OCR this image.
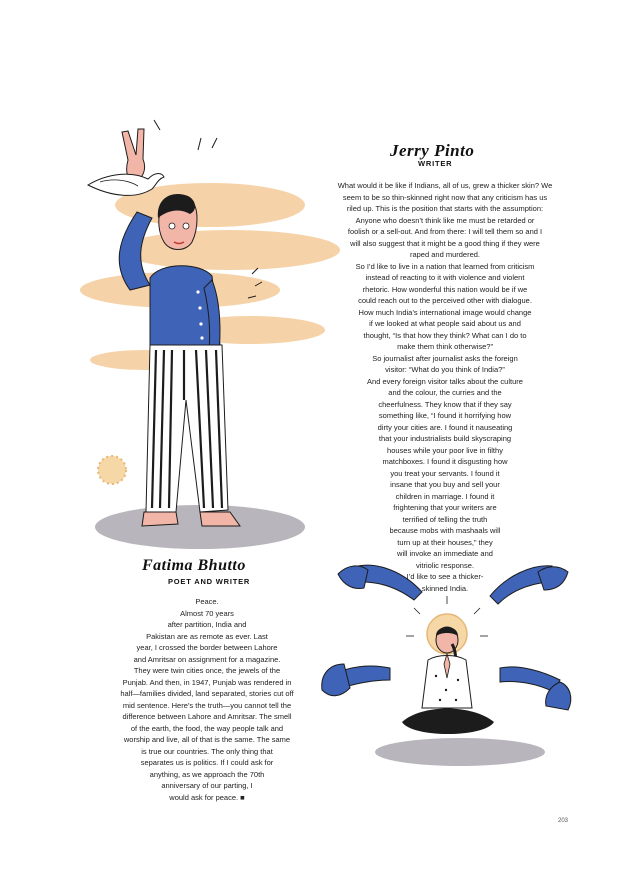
Jerry Pinto
WRITER

What would it be like if Indians, all of us, grew a thicker skin? We

seem to be so thin-skinned right now that any criticism has us

riled up. This is the position that starts with the assumption:

Anyone who doesn’t think like me must be retarded or

foolish or a sell-out. And from there: I will tell them so and I

will also suggest that it might be a good thing if they were

raped and murdered.

So I’d like to live in a nation that learned from criticism

instead of reacting to it with violence and violent

rhetoric. How wonderful this nation would be if we

could reach out to the perceived other with dialogue.

How much India’s international image would change

if we looked at what people said about us and

thought, “Is that how they think? What can I do to

make them think otherwise?”

So journalist after journalist asks the foreign

visitor: “What do you think of India?”

And every foreign visitor talks about the culture

and the colour, the curries and the

cheerfulness. They know that if they say

something like, “I found it horrifying how

dirty your cities are. I found it nauseating

that your industrialists build skyscraping

houses while your poor live in filthy

matchboxes. I found it disgusting how

you treat your servants. I found it

insane that you buy and sell your

children in marriage. I found it

frightening that your writers are

terrified of telling the truth

because mobs with mashaals will

turn up at their houses,” they

will invoke an immediate and

vitriolic response.

I’d like to see a thicker-

skinned India.

Fatima Bhutto
POET AND WRITER

Peace.

Almost 70 years

after partition, India and

Pakistan are as remote as ever. Last

year, I crossed the border between Lahore

and Amritsar on assignment for a magazine.

They were twin cities once, the jewels of the

Punjab. And then, in 1947, Punjab was rendered in

half—families divided, land separated, stories cut off

mid sentence. Here’s the truth—you cannot tell the

difference between Lahore and Amritsar. The smell

of the earth, the food, the way people talk and

worship and live, all of that is the same. The same

is true our countries. The only thing that

separates us is politics. If I could ask for

anything, as we approach the 70th

anniversary of our parting, I

would ask for peace. ■

203
